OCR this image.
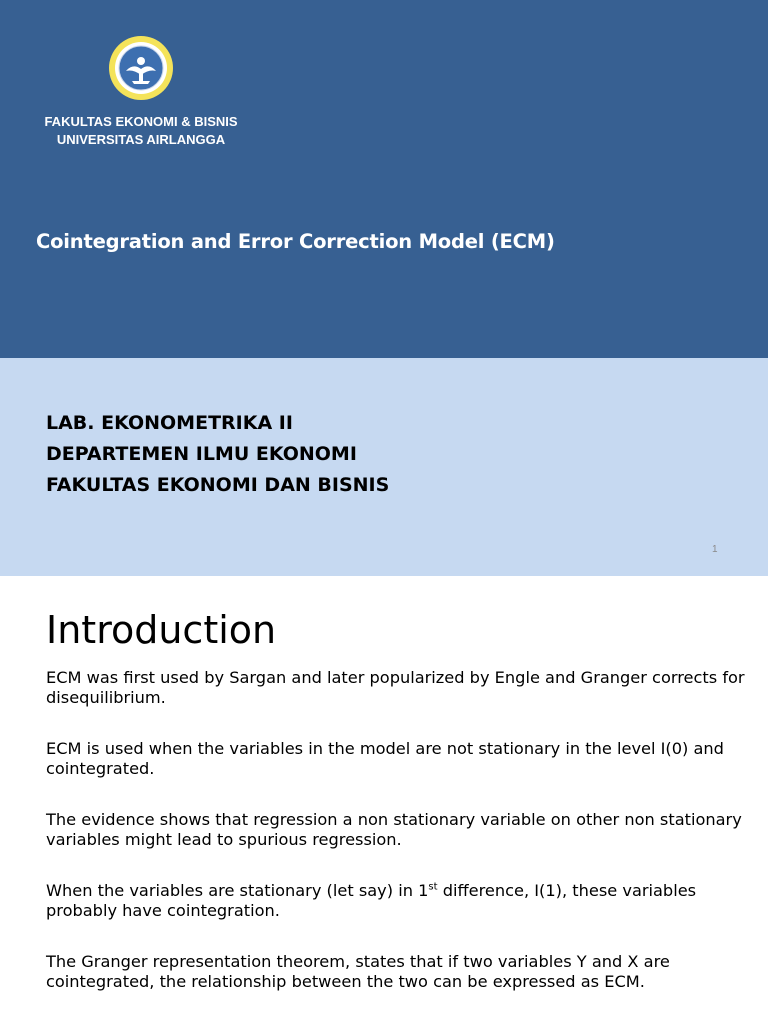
FAKULTAS EKONOMI & BISNIS
UNIVERSITAS AIRLANGGA
Cointegration and Error Correction Model (ECM)
LAB. EKONOMETRIKA II
DEPARTEMEN ILMU EKONOMI
FAKULTAS EKONOMI DAN BISNIS
1
Introduction

ECM was first used by Sargan and later popularized by Engle and Granger corrects for disequilibrium.

ECM is used when the variables in the model are not stationary in the level I(0) and cointegrated.

The evidence shows that regression a non stationary variable on other non stationary variables might lead to spurious regression.

When the variables are stationary (let say) in 1st difference, I(1), these variables probably have cointegration.

The Granger representation theorem, states that if two variables Y and X are cointegrated, the relationship between the two can be expressed as ECM.
